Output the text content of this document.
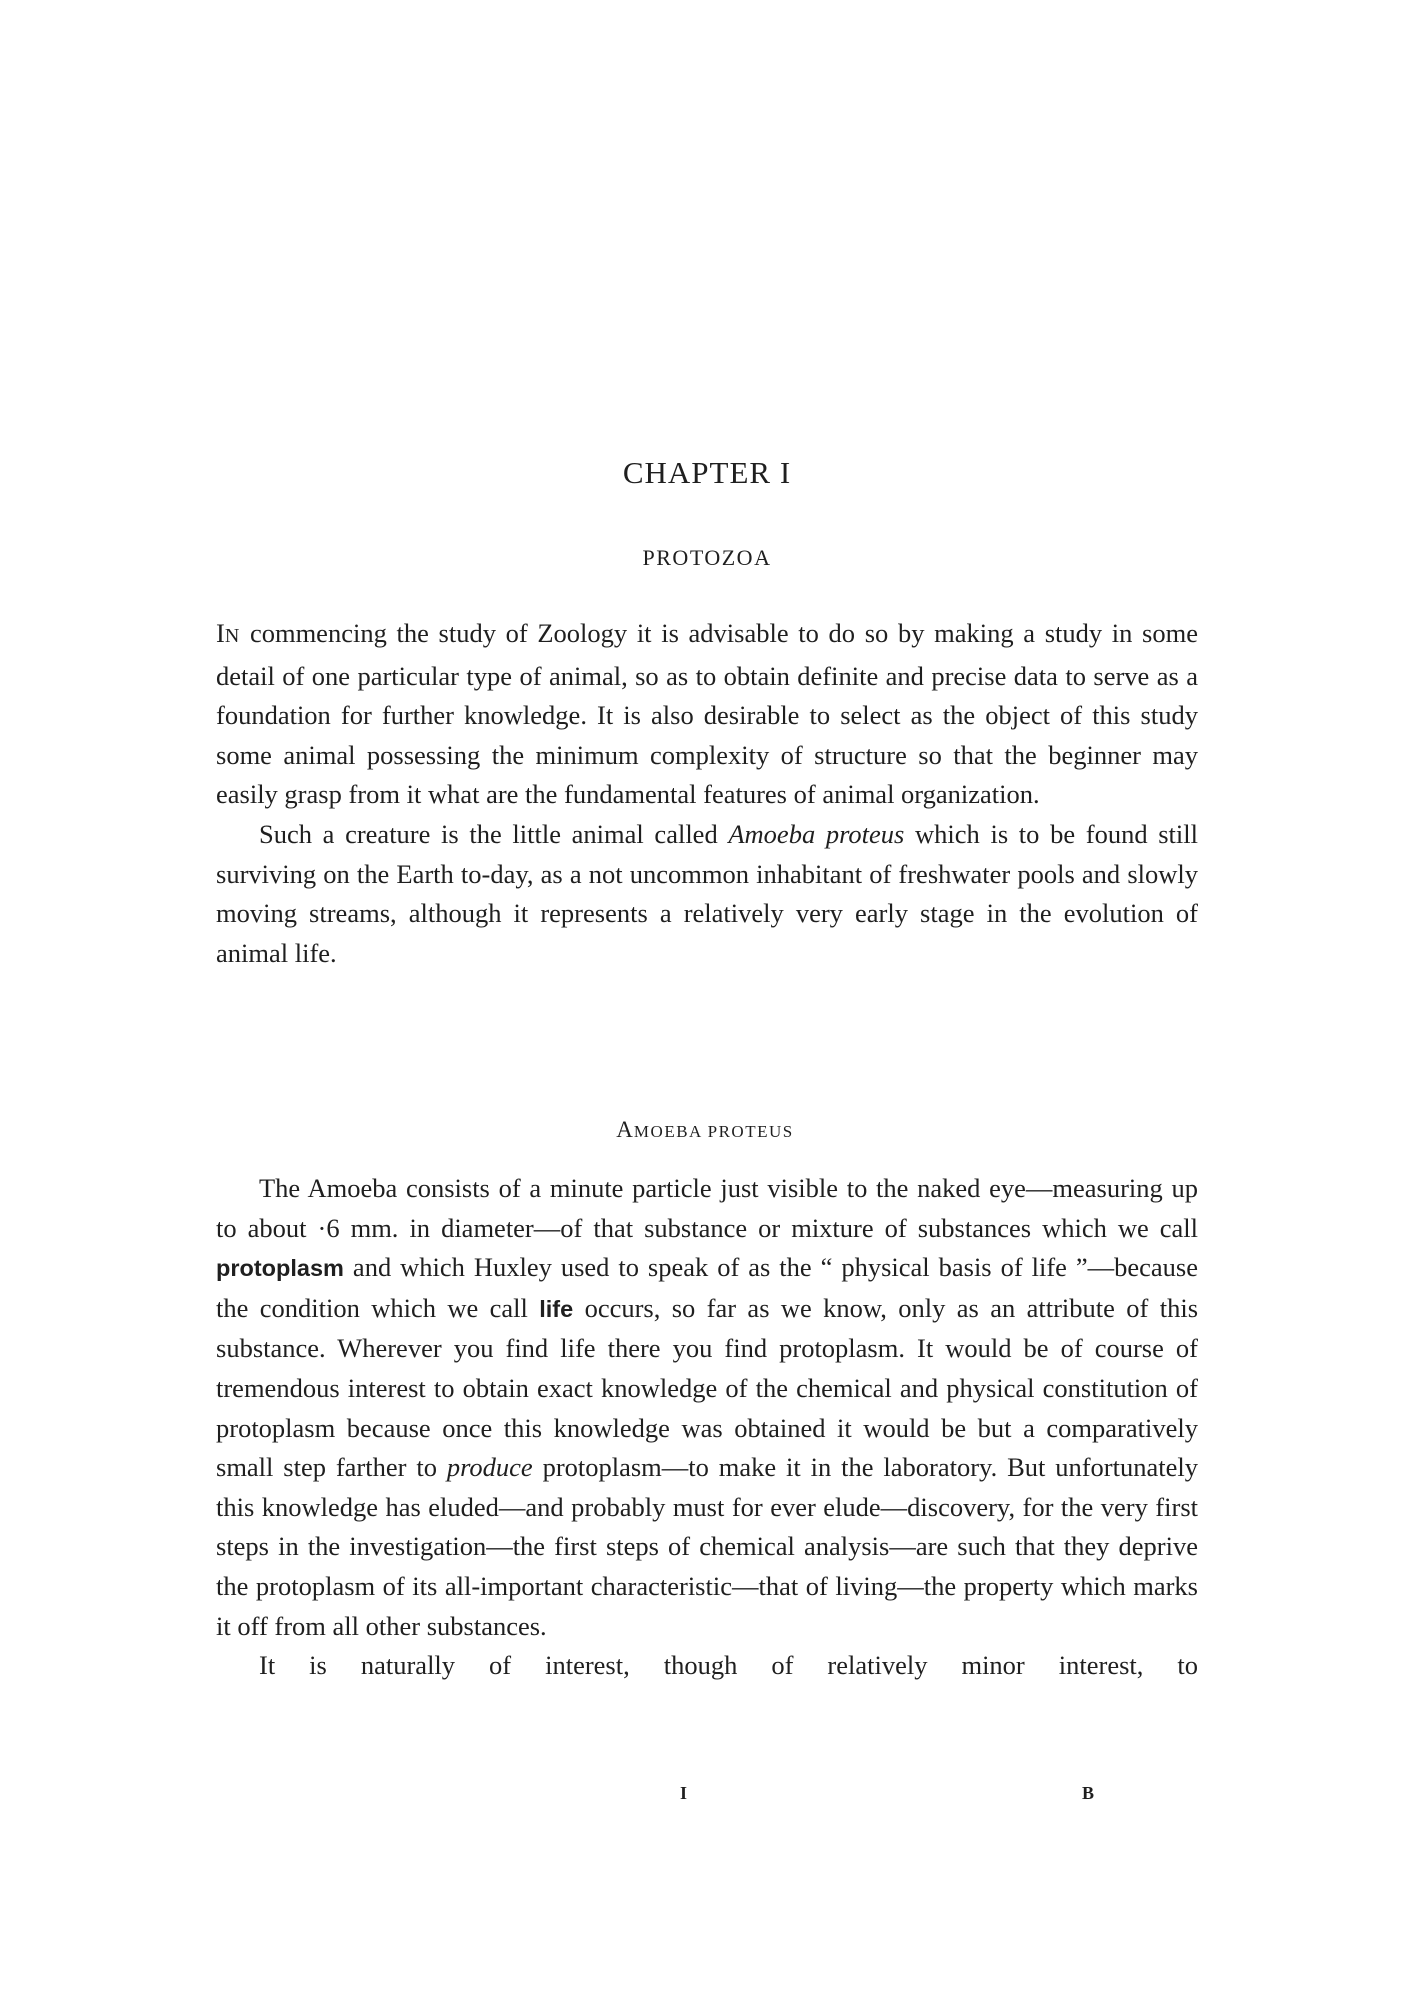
CHAPTER I
PROTOZOA

IN commencing the study of Zoology it is advisable to do so by making a study in some detail of one particular type of animal, so as to obtain definite and precise data to serve as a foundation for further knowledge. It is also desirable to select as the object of this study some animal possessing the minimum complexity of structure so that the beginner may easily grasp from it what are the fundamental features of animal organization.

Such a creature is the little animal called Amoeba proteus which is to be found still surviving on the Earth to-day, as a not uncommon inhabitant of freshwater pools and slowly moving streams, although it represents a relatively very early stage in the evolution of animal life.

AMOEBA PROTEUS

The Amoeba consists of a minute particle just visible to the naked eye—measuring up to about ·6 mm. in diameter—of that substance or mixture of substances which we call protoplasm and which Huxley used to speak of as the “ physical basis of life ”—because the condition which we call life occurs, so far as we know, only as an attribute of this substance. Wherever you find life there you find protoplasm. It would be of course of tremendous interest to obtain exact knowledge of the chemical and physical constitution of protoplasm because once this knowledge was obtained it would be but a comparatively small step farther to produce protoplasm—to make it in the laboratory. But unfortunately this knowledge has eluded—and probably must for ever elude—discovery, for the very first steps in the investigation—the first steps of chemical analysis—are such that they deprive the protoplasm of its all-important characteristic—that of living—the property which marks it off from all other substances.

It is naturally of interest, though of relatively minor interest, to

I	B
